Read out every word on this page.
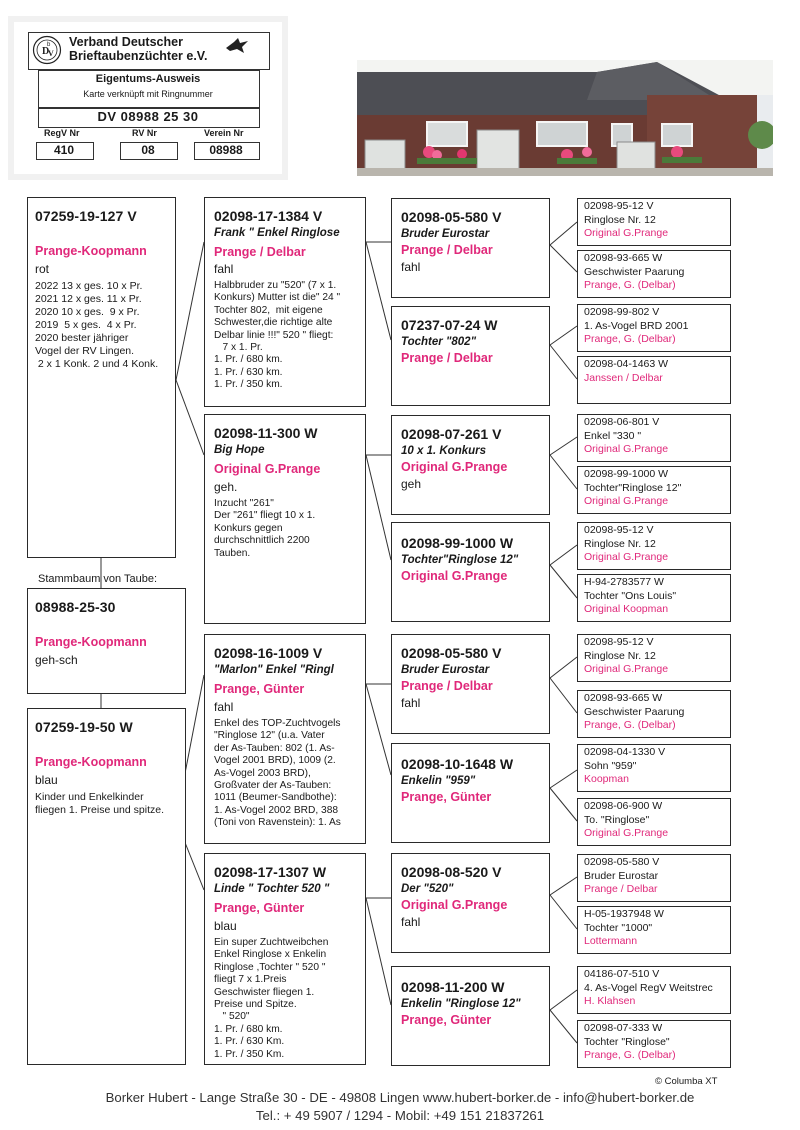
D
V
b Verband Deutscher
Brieftaubenzüchter e.V.
Eigentums-Ausweis
Karte verknüpft mit Ringnummer
DV 08988 25 30
RegV Nr	RV Nr	Verein Nr
410	08	08988
07259-19-127 V
Prange-Koopmann
rot
2022 13 x ges. 10 x Pr.
2021 12 x ges. 11 x Pr.
2020 10 x ges.  9 x Pr.
2019  5 x ges.  4 x Pr.
2020 bester jähriger
Vogel der RV Lingen.
2 x 1 Konk. 2 und 4 Konk.
Stammbaum von Taube:
08988-25-30
Prange-Koopmann
geh-sch
07259-19-50 W
Prange-Koopmann
blau
Kinder und Enkelkinder
fliegen 1. Preise und spitze.
02098-17-1384 V
Frank " Enkel Ringlose
Prange / Delbar
fahl
Halbbruder zu "520" (7 x 1.
Konkurs) Mutter ist die" 24 "
Tochter 802,  mit eigene
Schwester,die richtige alte
Delbar linie !!!" 520 " fliegt:
7 x 1. Pr.
1. Pr. / 680 km.
1. Pr. / 630 km.
1. Pr. / 350 km.
02098-11-300 W
Big Hope
Original G.Prange
geh.
Inzucht "261"
Der "261" fliegt 10 x 1.
Konkurs gegen
durchschnittlich 2200
Tauben.
02098-16-1009 V
"Marlon" Enkel "Ringl
Prange, Günter
fahl
Enkel des TOP-Zuchtvogels
"Ringlose 12" (u.a. Vater
der As-Tauben: 802 (1. As-
Vogel 2001 BRD), 1009 (2.
As-Vogel 2003 BRD),
Großvater der As-Tauben:
1011 (Beumer-Sandbothe):
1. As-Vogel 2002 BRD, 388
(Toni von Ravenstein): 1. As
02098-17-1307 W
Linde " Tochter 520 "
Prange, Günter
blau
Ein super Zuchtweibchen
Enkel Ringlose x Enkelin
Ringlose ,Tochter " 520 "
fliegt 7 x 1.Preis
Geschwister fliegen 1.
Preise und Spitze.
" 520"
1. Pr. / 680 km.
1. Pr. / 630 Km.
1. Pr. / 350 Km.
02098-05-580 V
Bruder Eurostar
Prange / Delbar
fahl
07237-07-24 W
Tochter "802"
Prange / Delbar
02098-07-261 V
10 x 1. Konkurs
Original G.Prange
geh
02098-99-1000 W
Tochter"Ringlose 12"
Original G.Prange
02098-05-580 V
Bruder Eurostar
Prange / Delbar
fahl
02098-10-1648 W
Enkelin "959"
Prange, Günter
02098-08-520 V
Der "520"
Original G.Prange
fahl
02098-11-200 W
Enkelin "Ringlose 12"
Prange, Günter
02098-95-12 V
Ringlose Nr. 12
Original G.Prange
02098-93-665 W
Geschwister Paarung
Prange, G. (Delbar)
02098-99-802 V
1. As-Vogel BRD 2001
Prange, G. (Delbar)
02098-04-1463 W
Janssen / Delbar
02098-06-801 V
Enkel "330 "
Original G.Prange
02098-99-1000 W
Tochter"Ringlose 12"
Original G.Prange
02098-95-12 V
Ringlose Nr. 12
Original G.Prange
H-94-2783577 W
Tochter "Ons Louis"
Original Koopman
02098-95-12 V
Ringlose Nr. 12
Original G.Prange
02098-93-665 W
Geschwister Paarung
Prange, G. (Delbar)
02098-04-1330 V
Sohn "959"
Koopman
02098-06-900 W
To. "Ringlose"
Original G.Prange
02098-05-580 V
Bruder Eurostar
Prange / Delbar
H-05-1937948 W
Tochter "1000"
Lottermann
04186-07-510 V
4. As-Vogel RegV Weitstrec
H. Klahsen
02098-07-333 W
Tochter "Ringlose"
Prange, G. (Delbar)
© Columba XT
Borker Hubert - Lange Straße 30 - DE - 49808 Lingen www.hubert-borker.de - info@hubert-borker.de
Tel.: + 49 5907 / 1294 - Mobil: +49 151 21837261
